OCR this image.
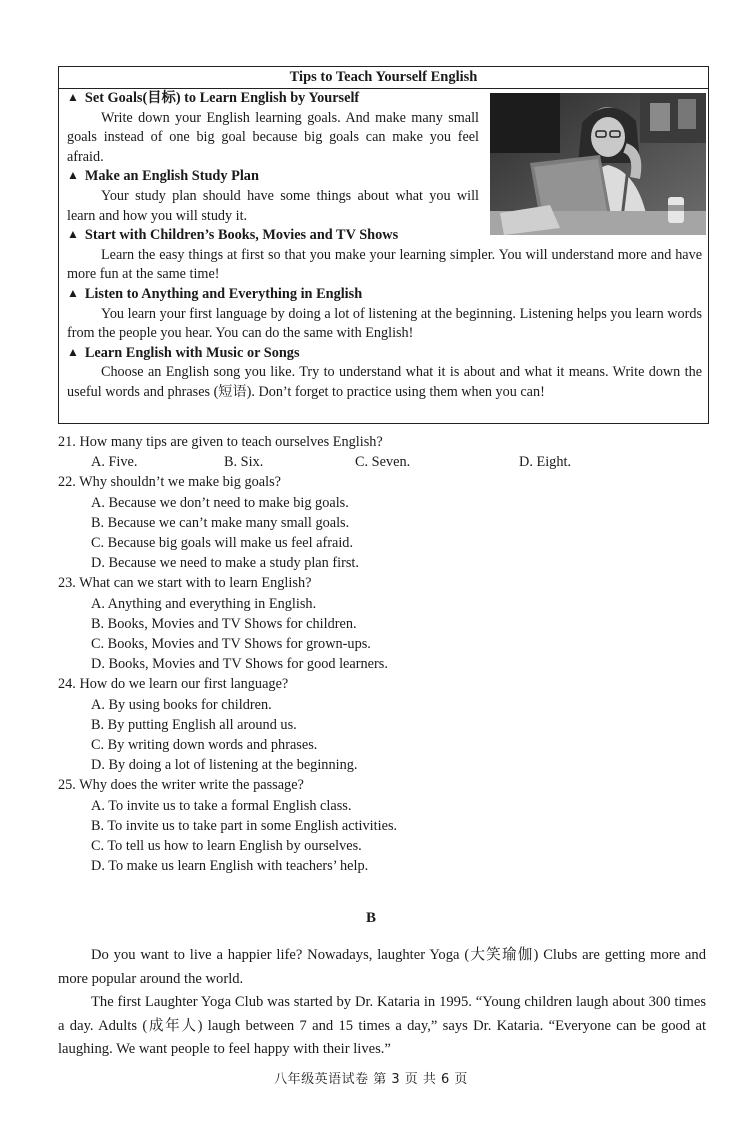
Tips to Teach Yourself English
▲ Set Goals(目标) to Learn English by Yourself
Write down your English learning goals. And make many small goals instead of one big goal because big goals can make you feel afraid.
▲ Make an English Study Plan
Your study plan should have some things about what you will learn and how you will study it.
▲ Start with Children’s Books, Movies and TV Shows
Learn the easy things at first so that you make your learning simpler. You will understand more and have more fun at the same time!
▲ Listen to Anything and Everything in English
You learn your first language by doing a lot of listening at the beginning. Listening helps you learn words from the people you hear. You can do the same with English!
▲ Learn English with Music or Songs
Choose an English song you like. Try to understand what it is about and what it means. Write down the useful words and phrases (短语). Don’t forget to practice using them when you can!
21. How many tips are given to teach ourselves English?
A. Five.	B. Six.	C. Seven.	D. Eight.
22. Why shouldn’t we make big goals?
A. Because we don’t need to make big goals.
B. Because we can’t make many small goals.
C. Because big goals will make us feel afraid.
D. Because we need to make a study plan first.
23. What can we start with to learn English?
A. Anything and everything in English.
B. Books, Movies and TV Shows for children.
C. Books, Movies and TV Shows for grown-ups.
D. Books, Movies and TV Shows for good learners.
24. How do we learn our first language?
A. By using books for children.
B. By putting English all around us.
C. By writing down words and phrases.
D. By doing a lot of listening at the beginning.
25. Why does the writer write the passage?
A. To invite us to take a formal English class.
B. To invite us to take part in some English activities.
C. To tell us how to learn English by ourselves.
D. To make us learn English with teachers’ help.
B

Do you want to live a happier life? Nowadays, laughter Yoga (大笑瑜伽) Clubs are getting more and more popular around the world.

The first Laughter Yoga Club was started by Dr. Kataria in 1995. “Young children laugh about 300 times a day. Adults (成年人) laugh between 7 and 15 times a day,” says Dr. Kataria. “Everyone can be good at laughing. We want people to feel happy with their lives.”

八年级英语试卷 第 3 页 共 6 页
